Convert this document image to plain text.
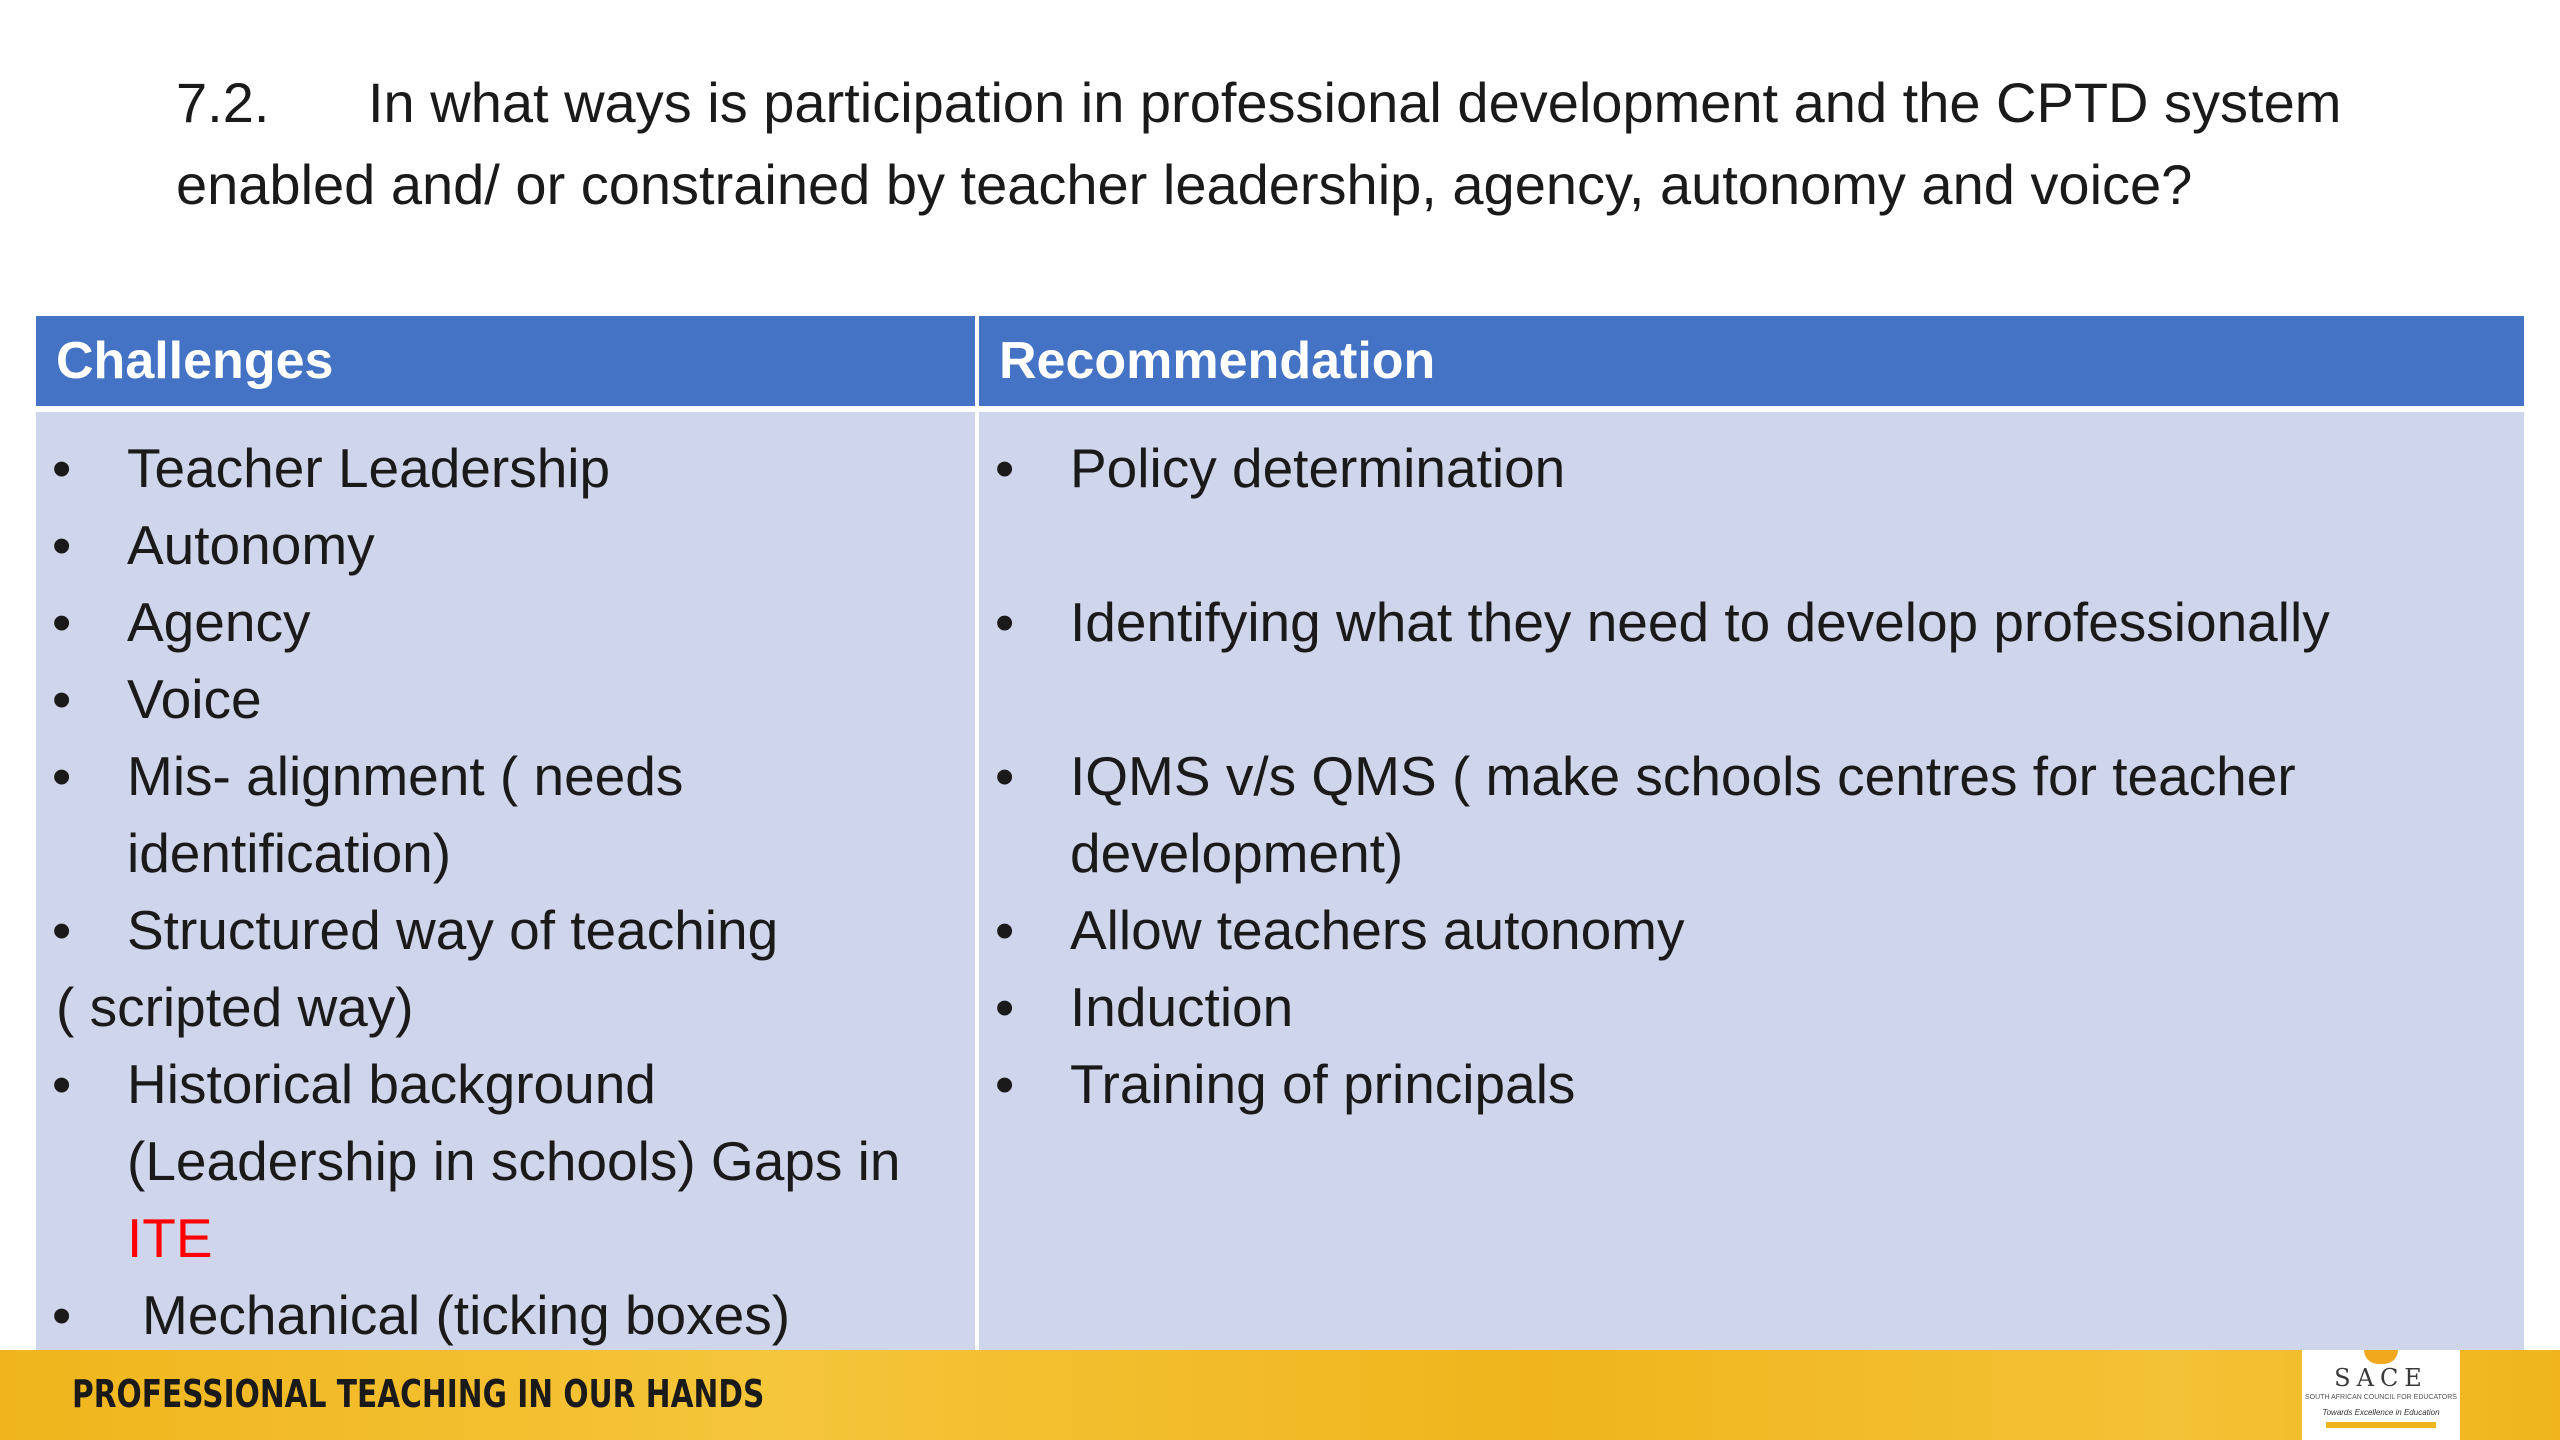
7.2. In what ways is participation in professional development and the CPTD system
enabled and/ or constrained by teacher leadership, agency, autonomy and voice?
Challenges
•	Teacher Leadership
•	Autonomy
•	Agency
•	Voice
•	Mis- alignment ( needs
identification)
•	Structured way of teaching
( scripted way)
•	Historical background
(Leadership in schools) Gaps in
ITE
•	Mechanical (ticking boxes)
Recommendation
•	Policy determination
•	Identifying what they need to develop professionally
•	IQMS v/s QMS ( make schools centres for teacher
development)
•	Allow teachers autonomy
•	Induction
•	Training of principals
PROFESSIONAL TEACHING IN OUR HANDS	SACE
SOUTH AFRICAN COUNCIL FOR EDUCATORS
Towards Excellence in Education
